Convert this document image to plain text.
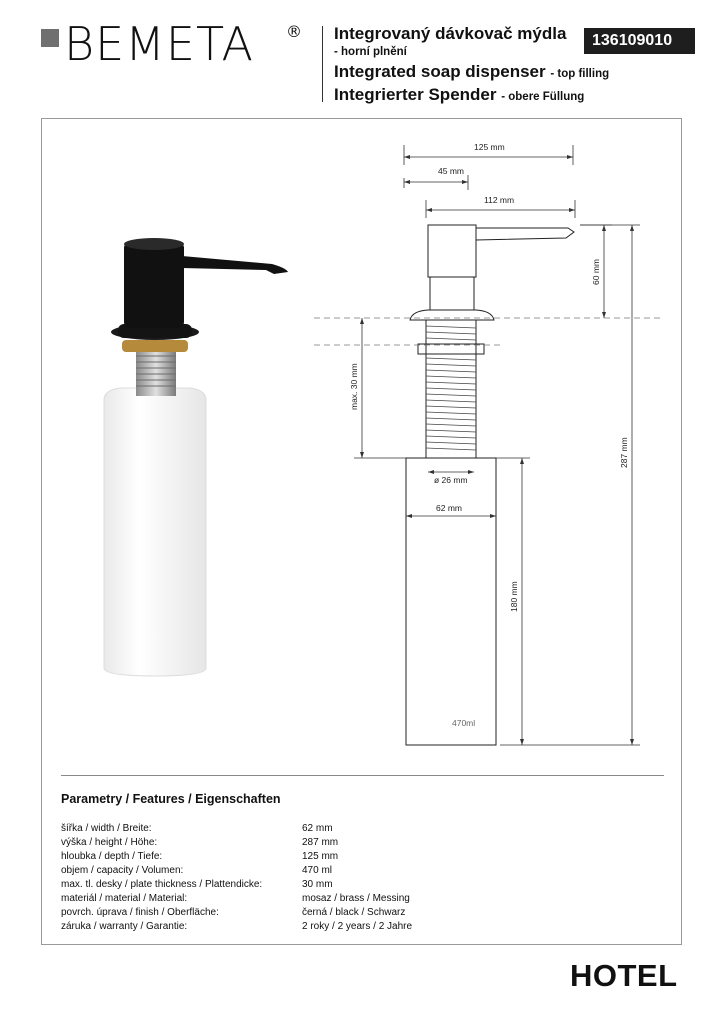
BEMETA ® Integrovaný dávkovač mýdla
- horní plnění
Integrated soap dispenser - top filling
Integrierter Spender - obere Füllung
136109010
125 mm
45 mm
112 mm
60 mm
max. 30 mm
287 mm
ø 26 mm
62 mm
180 mm
470ml
Parametry / Features / Eigenschaften
šířka / width / Breite:	62 mm
výška / height / Höhe:	287 mm
hloubka / depth / Tiefe:	125 mm
objem / capacity / Volumen:	470 ml
max. tl. desky / plate thickness / Plattendicke:	30 mm
materiál / material / Material:	mosaz / brass / Messing
povrch. úprava / finish / Oberfläche:	černá / black / Schwarz
záruka / warranty / Garantie:	2 roky / 2 years / 2 Jahre
HOTEL
